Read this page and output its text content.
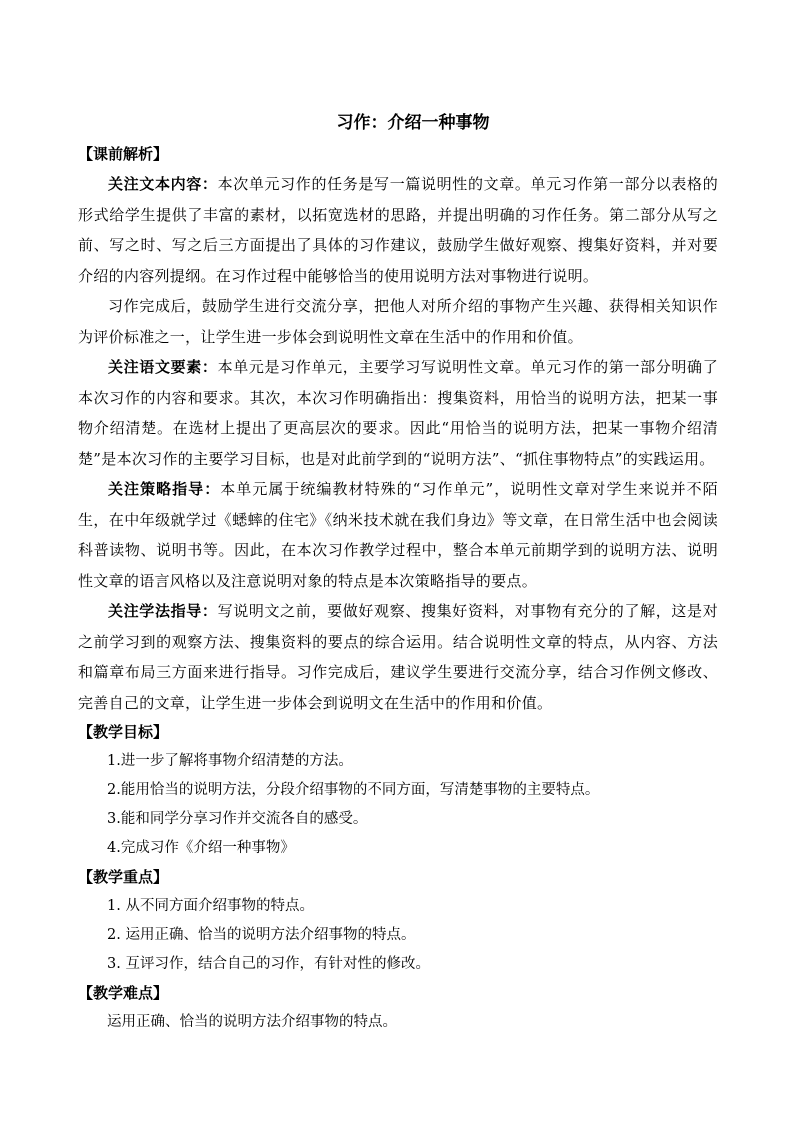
习作：介绍一种事物
【课前解析】

关注文本内容：本次单元习作的任务是写一篇说明性的文章。单元习作第一部分以表格的形式给学生提供了丰富的素材，以拓宽选材的思路，并提出明确的习作任务。第二部分从写之前、写之时、写之后三方面提出了具体的习作建议，鼓励学生做好观察、搜集好资料，并对要介绍的内容列提纲。在习作过程中能够恰当的使用说明方法对事物进行说明。

习作完成后，鼓励学生进行交流分享，把他人对所介绍的事物产生兴趣、获得相关知识作为评价标准之一，让学生进一步体会到说明性文章在生活中的作用和价值。

关注语文要素：本单元是习作单元，主要学习写说明性文章。单元习作的第一部分明确了本次习作的内容和要求。其次，本次习作明确指出：搜集资料，用恰当的说明方法，把某一事物介绍清楚。在选材上提出了更高层次的要求。因此“用恰当的说明方法，把某一事物介绍清楚”是本次习作的主要学习目标，也是对此前学到的“说明方法”、“抓住事物特点”的实践运用。

关注策略指导：本单元属于统编教材特殊的“习作单元”，说明性文章对学生来说并不陌生，在中年级就学过《蟋蟀的住宅》《纳米技术就在我们身边》等文章，在日常生活中也会阅读科普读物、说明书等。因此，在本次习作教学过程中，整合本单元前期学到的说明方法、说明性文章的语言风格以及注意说明对象的特点是本次策略指导的要点。

关注学法指导：写说明文之前，要做好观察、搜集好资料，对事物有充分的了解，这是对之前学习到的观察方法、搜集资料的要点的综合运用。结合说明性文章的特点，从内容、方法和篇章布局三方面来进行指导。习作完成后，建议学生要进行交流分享，结合习作例文修改、完善自己的文章，让学生进一步体会到说明文在生活中的作用和价值。

【教学目标】

1.进一步了解将事物介绍清楚的方法。

2.能用恰当的说明方法，分段介绍事物的不同方面，写清楚事物的主要特点。

3.能和同学分享习作并交流各自的感受。

4.完成习作《介绍一种事物》

【教学重点】

1. 从不同方面介绍事物的特点。

2. 运用正确、恰当的说明方法介绍事物的特点。

3. 互评习作，结合自己的习作，有针对性的修改。

【教学难点】

运用正确、恰当的说明方法介绍事物的特点。
